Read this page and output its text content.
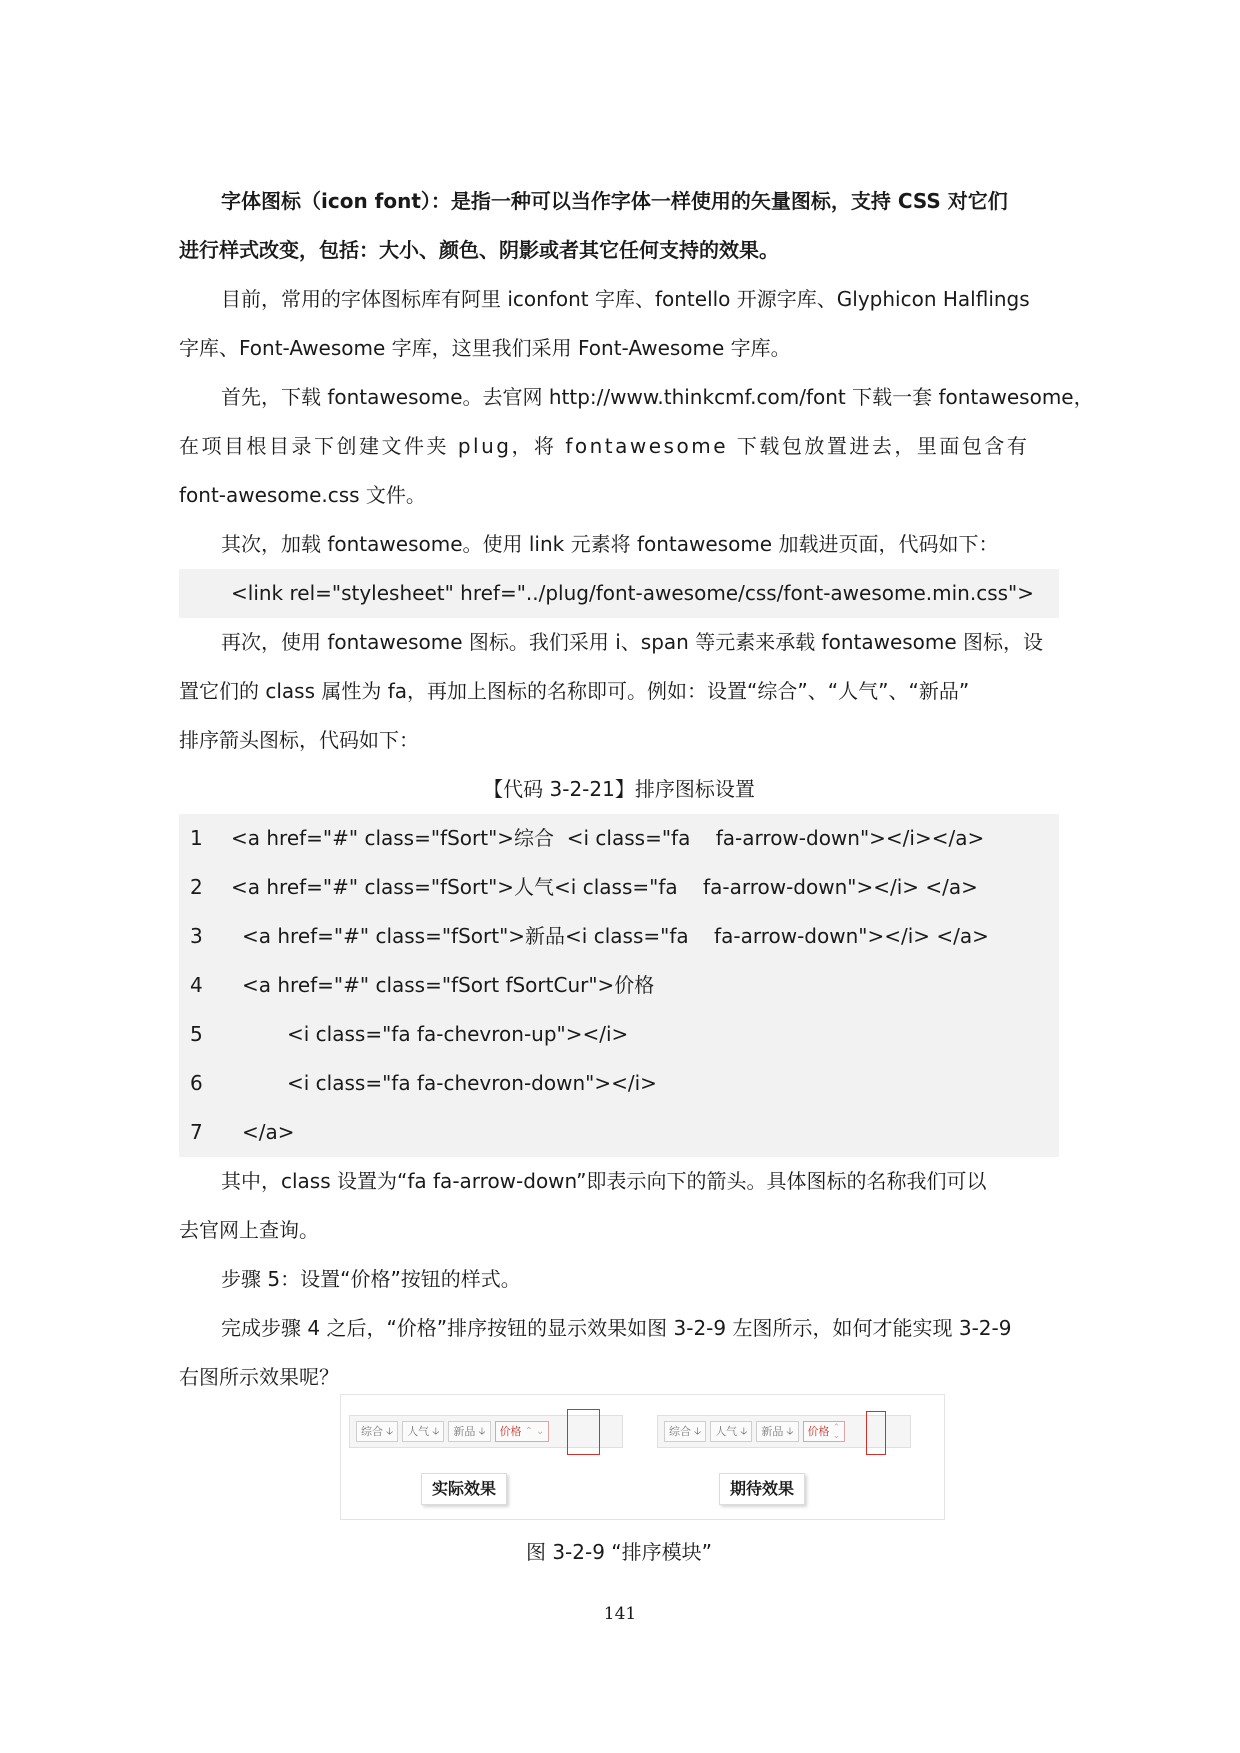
字体图标（icon font）：是指一种可以当作字体一样使用的矢量图标，支持 CSS 对它们
进行样式改变，包括：大小、颜色、阴影或者其它任何支持的效果。
目前，常用的字体图标库有阿里 iconfont 字库、fontello 开源字库、Glyphicon Halflings
字库、Font-Awesome 字库，这里我们采用 Font-Awesome 字库。
首先，下载 fontawesome。去官网 http://www.thinkcmf.com/font 下载一套 fontawesome，
在项目根目录下创建文件夹 plug，将 fontawesome 下载包放置进去，里面包含有
font-awesome.css 文件。
其次，加载 fontawesome。使用 link 元素将 fontawesome 加载进页面，代码如下：

<link rel="stylesheet" href="../plug/font-awesome/css/font-awesome.min.css">

再次，使用 fontawesome 图标。我们采用 i、span 等元素来承载 fontawesome 图标，设
置它们的 class 属性为 fa，再加上图标的名称即可。例如：设置“综合”、“人气”、“新品”
排序箭头图标，代码如下：
【代码 3-2-21】排序图标设置

1

<a href="#" class="fSort">综合  <i class="fa    fa-arrow-down"></i></a>

2

<a href="#" class="fSort">人气<i class="fa    fa-arrow-down"></i> </a>

3

<a href="#" class="fSort">新品<i class="fa    fa-arrow-down"></i> </a>

4

<a href="#" class="fSort fSortCur">价格

5

	<i class="fa fa-chevron-up"></i>

6

	<i class="fa fa-chevron-down"></i>

7

</a>

其中，class 设置为“fa fa-arrow-down”即表示向下的箭头。具体图标的名称我们可以
去官网上查询。
步骤 5：设置“价格”按钮的样式。
完成步骤 4 之后，“价格”排序按钮的显示效果如图 3-2-9 左图所示，如何才能实现 3-2-9
右图所示效果呢？
综合 🡣 人气 🡣 新品 🡣 价格 ⌃ ⌄
实际效果
综合 🡣 人气 🡣 新品 🡣 价格 ⌃
⌄
期待效果
图 3-2-9 “排序模块”
141
